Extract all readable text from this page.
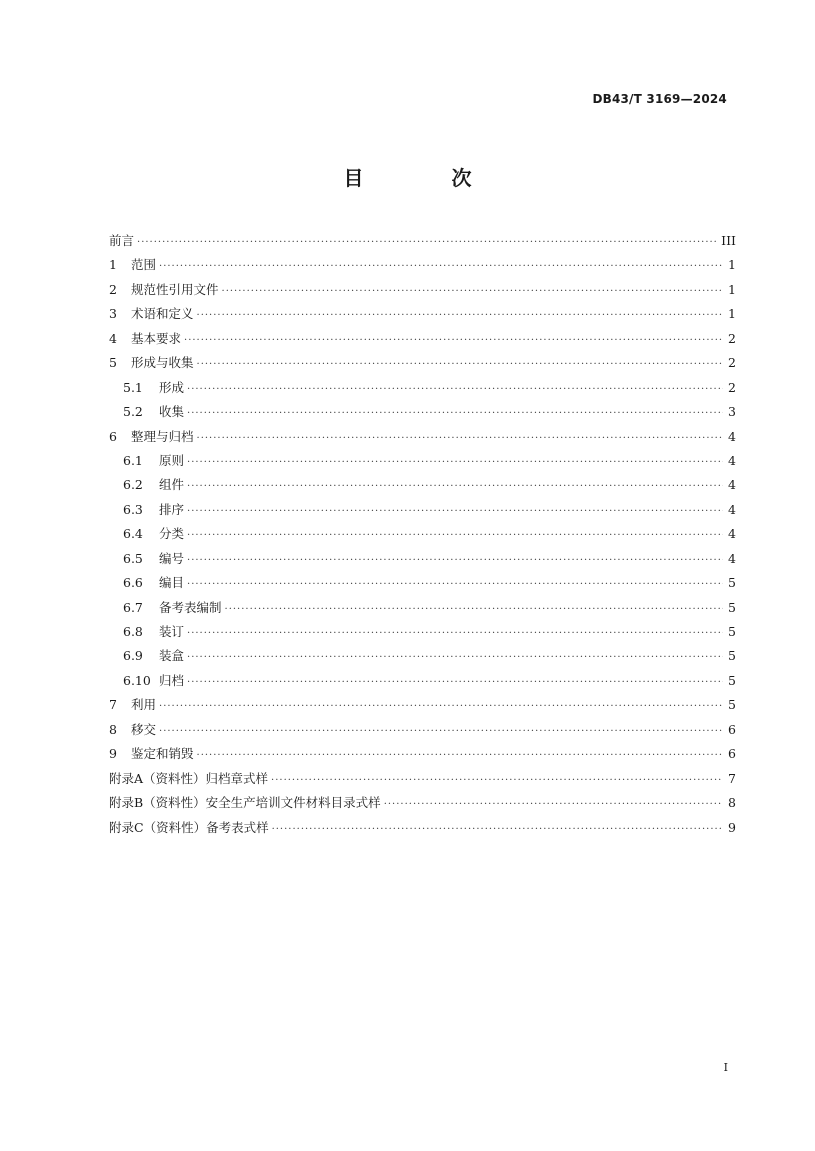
DB43/T 3169—2024
目　次
前言 ·····	III
1	范围 ·····	1
2	规范性引用文件 ·····	1
3	术语和定义 ·····	1
4	基本要求 ·····	2
5	形成与收集 ·····	2
5.1	形成 ·····	2
5.2	收集 ·····	3
6	整理与归档 ·····	4
6.1	原则 ·····	4
6.2	组件 ·····	4
6.3	排序 ·····	4
6.4	分类 ·····	4
6.5	编号 ·····	4
6.6	编目 ·····	5
6.7	备考表编制 ·····	5
6.8	装订 ·····	5
6.9	装盒 ·····	5
6.10 归档 ·····	5
7	利用 ·····	5
8	移交 ·····	6
9	鉴定和销毁 ·····	6
附录A（资料性）归档章式样 ·····	7
附录B（资料性）安全生产培训文件材料目录式样 ·····	8
附录C（资料性）备考表式样 ·····	9
I
